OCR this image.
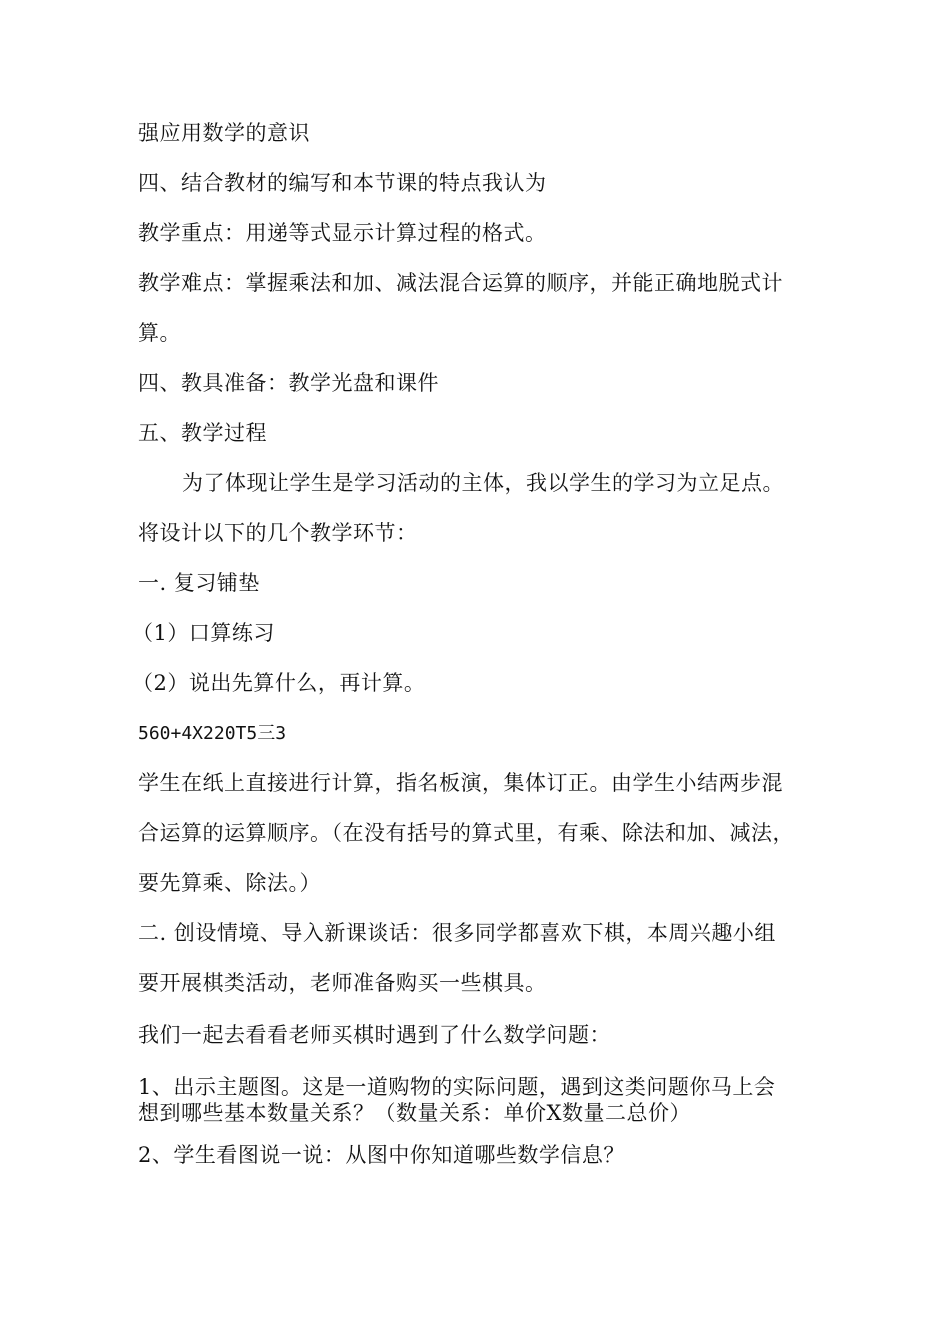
强应用数学的意识
四、结合教材的编写和本节课的特点我认为
教学重点：用递等式显示计算过程的格式。
教学难点：掌握乘法和加、减法混合运算的顺序，并能正确地脱式计
算。
四、教具准备：教学光盘和课件
五、教学过程
为了体现让学生是学习活动的主体，我以学生的学习为立足点。
将设计以下的几个教学环节：
一. 复习铺垫
（1）口算练习
（2）说出先算什么，再计算。
560+4X220T5三3
学生在纸上直接进行计算，指名板演，集体订正。由学生小结两步混
合运算的运算顺序。（在没有括号的算式里，有乘、除法和加、减法，
要先算乘、除法。）
二. 创设情境、导入新课谈话：很多同学都喜欢下棋，本周兴趣小组
要开展棋类活动，老师准备购买一些棋具。
我们一起去看看老师买棋时遇到了什么数学问题：
1、出示主题图。这是一道购物的实际问题，遇到这类问题你马上会
想到哪些基本数量关系？（数量关系：单价X数量二总价）
2、学生看图说一说：从图中你知道哪些数学信息？
